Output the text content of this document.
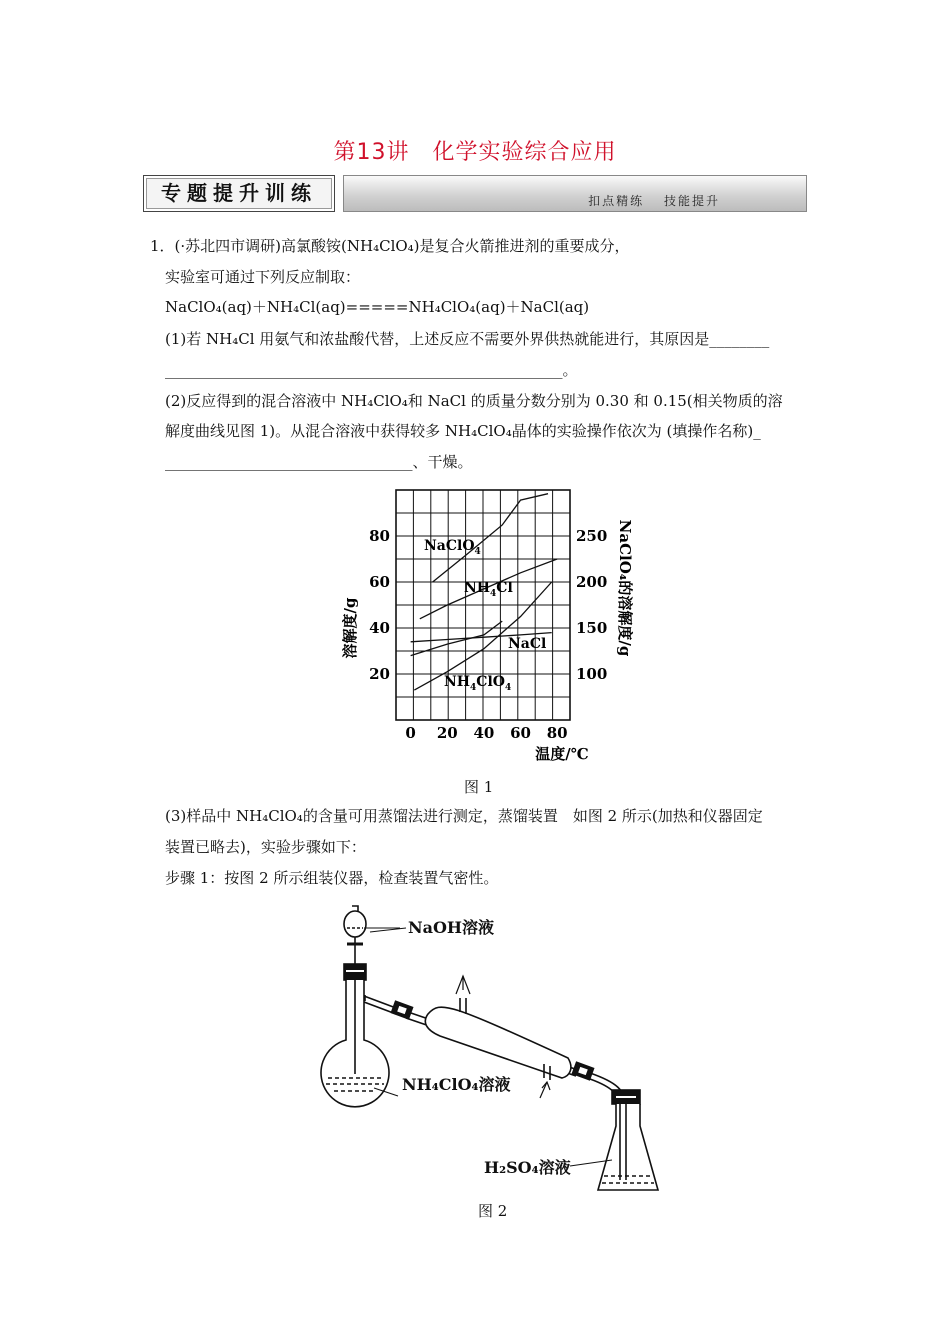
第13讲　化学实验综合应用
专题提升训练	扣点精练　 技能提升
1．(·苏北四市调研)高氯酸铵(NH₄ClO₄)是复合火箭推进剂的重要成分，
实验室可通过下列反应制取：
NaClO₄(aq)＋NH₄Cl(aq)=====NH₄ClO₄(aq)＋NaCl(aq)
(1)若 NH₄Cl 用氨气和浓盐酸代替，上述反应不需要外界供热就能进行，其原因是________
_____________________________________________________。
(2)反应得到的混合溶液中 NH₄ClO₄和 NaCl 的质量分数分别为 0.30 和 0.15(相关物质的溶
解度曲线见图 1)。从混合溶液中获得较多 NH₄ClO₄晶体的实验操作依次为 (填操作名称)_
_________________________________、干燥。
0 20 40 60 80
20
40
60
80
100
150
200
250
NaClO$_4$
$NH_4Cl$
NaCl
$NH_4ClO_4$
溶解度/g	NaClO₄的溶解度/g
温度/℃
图 1
(3)样品中 NH₄ClO₄的含量可用蒸馏法进行测定，蒸馏装置　如图 2 所示(加热和仪器固定
装置已略去)，实验步骤如下：
步骤 1：按图 2 所示组装仪器，检查装置气密性。
NaOH溶液
NH₄ClO₄溶液
H₂SO₄溶液
图 2
